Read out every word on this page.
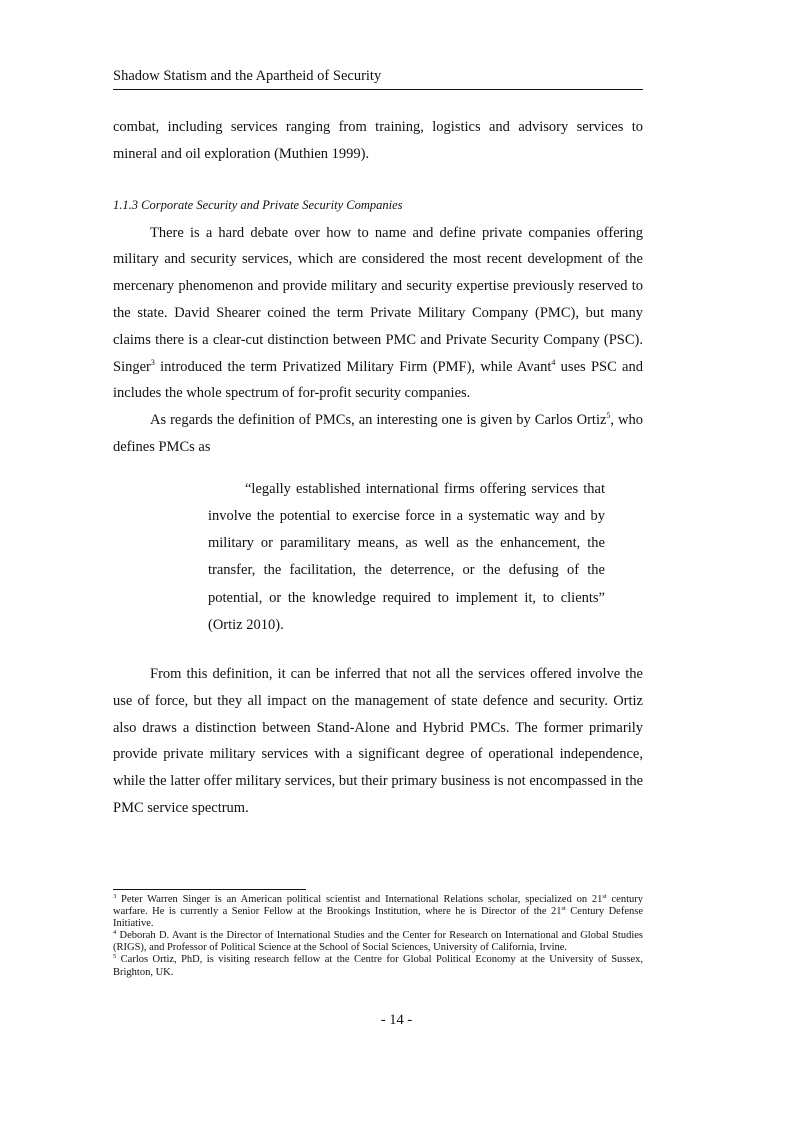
Shadow Statism and the Apartheid of Security

combat, including services ranging from training, logistics and advisory services to mineral and oil exploration (Muthien 1999).

1.1.3 Corporate Security and Private Security Companies

There is a hard debate over how to name and define private companies offering military and security services, which are considered the most recent development of the mercenary phenomenon and provide military and security expertise previously reserved to the state. David Shearer coined the term Private Military Company (PMC), but many claims there is a clear-cut distinction between PMC and Private Security Company (PSC). Singer$^3$ introduced the term Privatized Military Firm (PMF), while Avant$^4$ uses PSC and includes the whole spectrum of for-profit security companies.

As regards the definition of PMCs, an interesting one is given by Carlos Ortiz$^5$, who defines PMCs as

“legally established international firms offering services that involve the potential to exercise force in a systematic way and by military or paramilitary means, as well as the enhancement, the transfer, the facilitation, the deterrence, or the defusing of the potential, or the knowledge required to implement it, to clients” (Ortiz 2010).

From this definition, it can be inferred that not all the services offered involve the use of force, but they all impact on the management of state defence and security. Ortiz also draws a distinction between Stand-Alone and Hybrid PMCs. The former primarily provide private military services with a significant degree of operational independence, while the latter offer military services, but their primary business is not encompassed in the PMC service spectrum.

$^3$ Peter Warren Singer is an American political scientist and International Relations scholar, specialized on 21st century warfare. He is currently a Senior Fellow at the Brookings Institution, where he is Director of the 21st Century Defense Initiative.

$^4$ Deborah D. Avant is the Director of International Studies and the Center for Research on International and Global Studies (RIGS), and Professor of Political Science at the School of Social Sciences, University of California, Irvine.

$^5$ Carlos Ortiz, PhD, is visiting research fellow at the Centre for Global Political Economy at the University of Sussex, Brighton, UK.

- 14 -
